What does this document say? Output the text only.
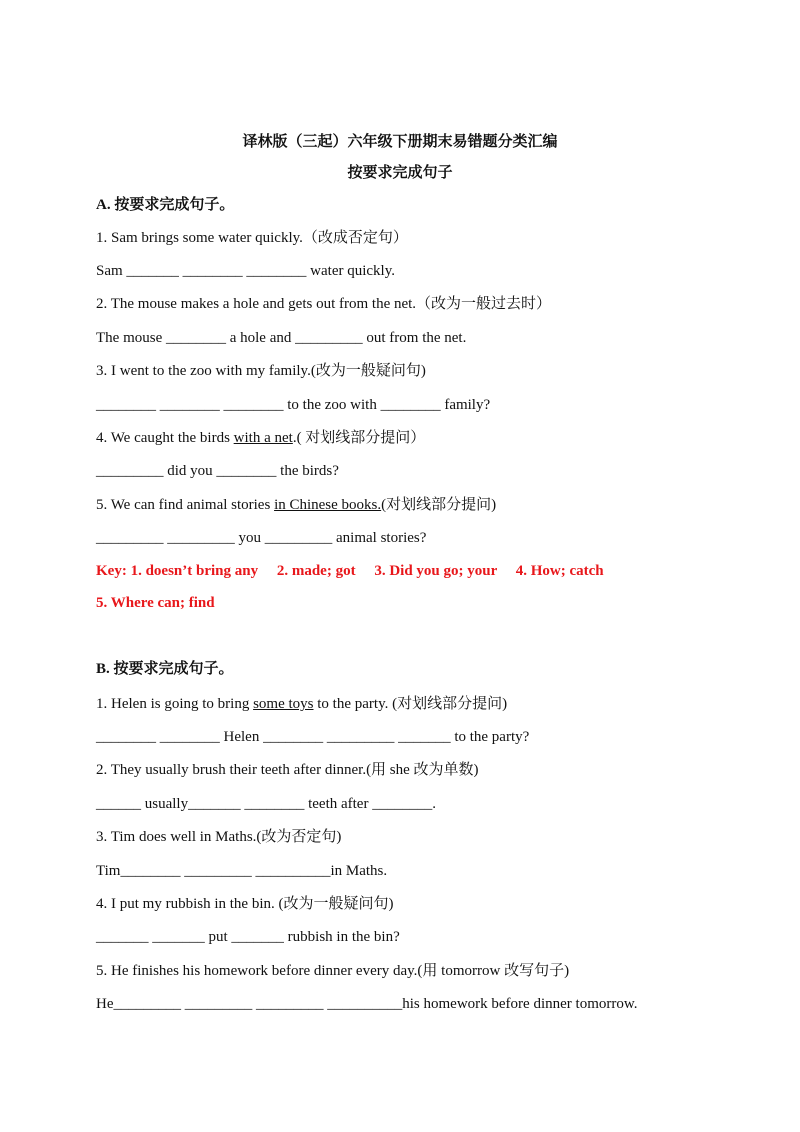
译林版（三起）六年级下册期末易错题分类汇编
按要求完成句子
A. 按要求完成句子。
1. Sam brings some water quickly.（改成否定句）
Sam _______ ________ ________ water quickly.
2. The mouse makes a hole and gets out from the net.（改为一般过去时）
The mouse ________ a hole and _________ out from the net.
3. I went to the zoo with my family.(改为一般疑问句)
________ ________ ________ to the zoo with ________ family?
4. We caught the birds with a net.( 对划线部分提问）
_________ did you ________ the birds?
5. We can find animal stories in Chinese books.(对划线部分提问)
_________ _________ you _________ animal stories?
Key: 1. doesn’t bring any     2. made; got     3. Did you go; your     4. How; catch
5. Where can; find
B. 按要求完成句子。
1. Helen is going to bring some toys to the party. (对划线部分提问)
________ ________ Helen ________ _________ _______ to the party?
2. They usually brush their teeth after dinner.(用 she 改为单数)
______ usually_______ ________ teeth after ________.
3. Tim does well in Maths.(改为否定句)
Tim________ _________ __________in Maths.
4. I put my rubbish in the bin. (改为一般疑问句)
_______ _______ put _______ rubbish in the bin?
5. He finishes his homework before dinner every day.(用 tomorrow 改写句子)
He_________ _________ _________ __________his homework before dinner tomorrow.
